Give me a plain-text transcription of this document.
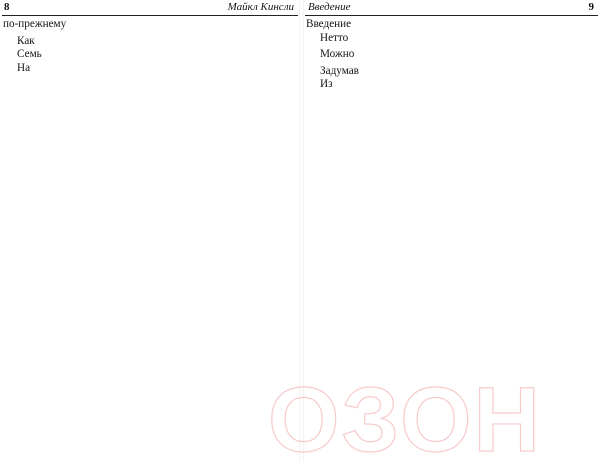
8	Майкл Кинсли

по-прежнему

Как

Семь

На

Введение	9

Введение

Нетто

Можно

Задумав

Из

ОЗОН
